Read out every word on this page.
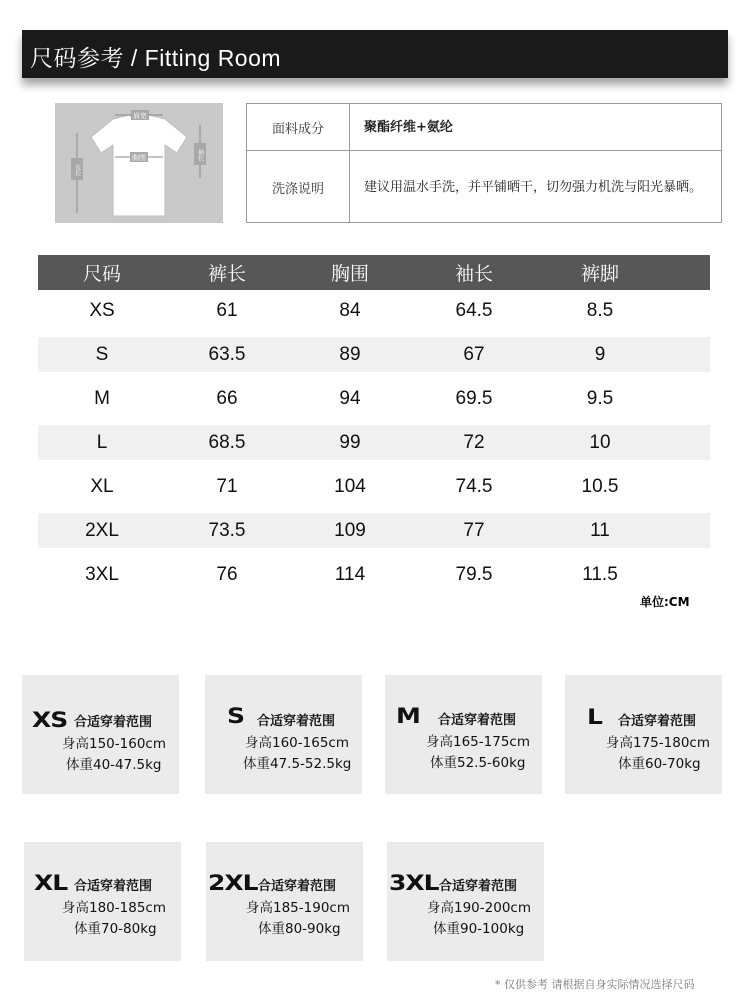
尺码参考 / Fitting Room
肩宽
胸围
衣长
袖长
面料成分	聚酯纤维+氨纶
洗涤说明	建议用温水手洗，并平铺晒干，切勿强力机洗与阳光暴晒。
尺码	裤长	胸围	袖长	裤脚
XS	61	84	64.5	8.5
S	63.5	89	67	9
M	66	94	69.5	9.5
L	68.5	99	72	10
XL	71	104	74.5	10.5
2XL	73.5	109	77	11
3XL	76	114	79.5	11.5
单位:CM
XS 合适穿着范围
身高150-160cm
体重40-47.5kg
S 合适穿着范围
身高160-165cm
体重47.5-52.5kg
M 合适穿着范围
身高165-175cm
体重52.5-60kg
L 合适穿着范围
身高175-180cm
体重60-70kg
XL 合适穿着范围
身高180-185cm
体重70-80kg
2XL 合适穿着范围
身高185-190cm
体重80-90kg
3XL 合适穿着范围
身高190-200cm
体重90-100kg
* 仅供参考 请根据自身实际情况选择尺码
